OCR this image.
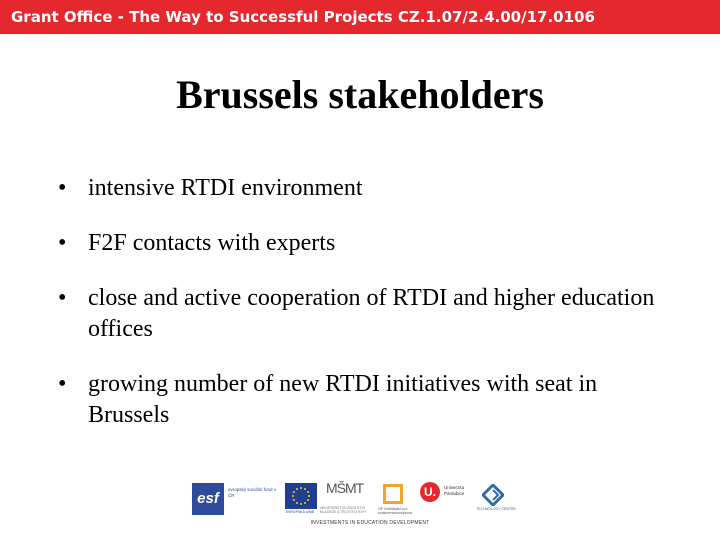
Grant Office - The Way to Successful Projects CZ.1.07/2.4.00/17.0106
Brussels stakeholders
• intensive RTDI environment
• F2F contacts with experts
• close and active cooperation of RTDI and higher education offices
• growing number of new RTDI initiatives with seat in Brussels
esf
evropský sociální fond v ČR
EVROPSKÁ UNIE
MŠMT
MINISTERSTVO ŠKOLSTVÍ, MLÁDEŽE A TĚLOVÝCHOVY
OP Vzdělávání pro konkurenceschopnost
U.	Univerzita Pardubice
TECHNOLOGY CENTRE
INVESTMENTS IN EDUCATION DEVELOPMENT
